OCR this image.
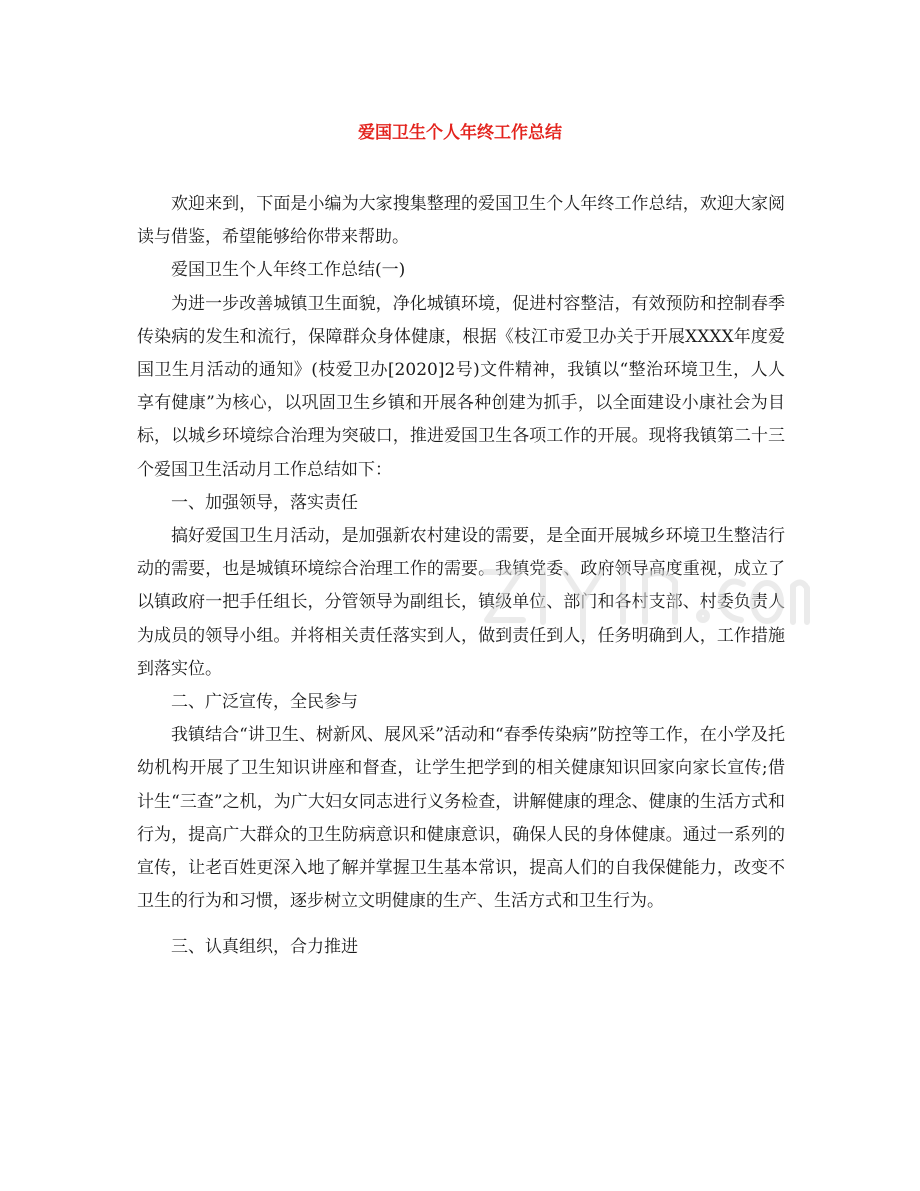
爱国卫生个人年终工作总结

欢迎来到，下面是小编为大家搜集整理的爱国卫生个人年终工作总结，欢迎大家阅读与借鉴，希望能够给你带来帮助。

爱国卫生个人年终工作总结(一)

为进一步改善城镇卫生面貌，净化城镇环境，促进村容整洁，有效预防和控制春季传染病的发生和流行，保障群众身体健康，根据《枝江市爱卫办关于开展XXXX年度爱国卫生月活动的通知》(枝爱卫办[2020]2号)文件精神，我镇以“整治环境卫生，人人享有健康”为核心，以巩固卫生乡镇和开展各种创建为抓手，以全面建设小康社会为目标，以城乡环境综合治理为突破口，推进爱国卫生各项工作的开展。现将我镇第二十三个爱国卫生活动月工作总结如下：

一、加强领导，落实责任

搞好爱国卫生月活动，是加强新农村建设的需要，是全面开展城乡环境卫生整洁行动的需要，也是城镇环境综合治理工作的需要。我镇党委、政府领导高度重视，成立了以镇政府一把手任组长，分管领导为副组长，镇级单位、部门和各村支部、村委负责人为成员的领导小组。并将相关责任落实到人，做到责任到人，任务明确到人，工作措施到落实位。

二、广泛宣传，全民参与

我镇结合“讲卫生、树新风、展风采”活动和“春季传染病”防控等工作，在小学及托幼机构开展了卫生知识讲座和督查，让学生把学到的相关健康知识回家向家长宣传;借计生“三查”之机，为广大妇女同志进行义务检查，讲解健康的理念、健康的生活方式和行为，提高广大群众的卫生防病意识和健康意识，确保人民的身体健康。通过一系列的宣传，让老百姓更深入地了解并掌握卫生基本常识，提高人们的自我保健能力，改变不卫生的行为和习惯，逐步树立文明健康的生产、生活方式和卫生行为。

三、认真组织，合力推进
